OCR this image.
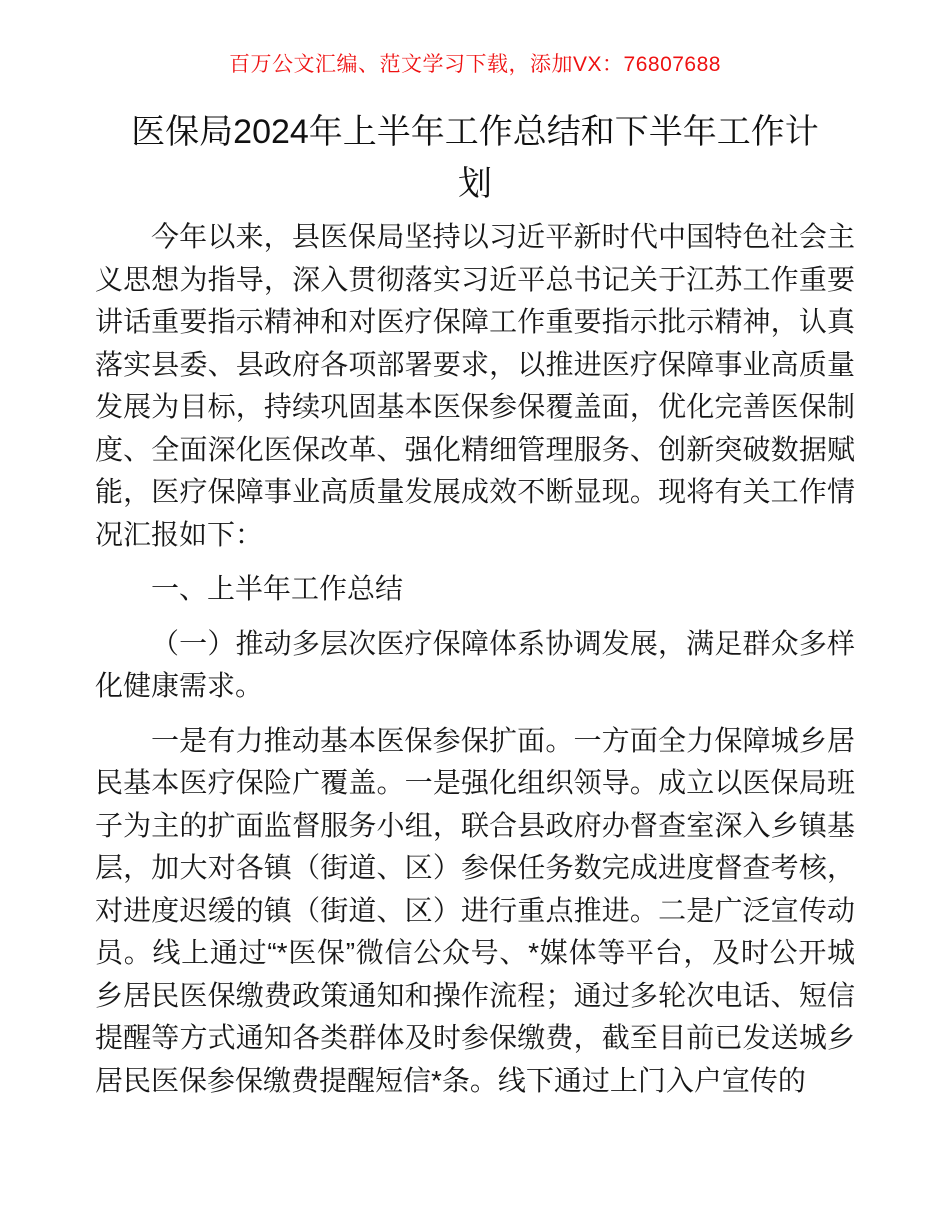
百万公文汇编、范文学习下载，添加VX：76807688
医保局2024年上半年工作总结和下半年工作计
划

今年以来，县医保局坚持以习近平新时代中国特色社会主义思想为指导，深入贯彻落实习近平总书记关于江苏工作重要讲话重要指示精神和对医疗保障工作重要指示批示精神，认真落实县委、县政府各项部署要求，以推进医疗保障事业高质量发展为目标，持续巩固基本医保参保覆盖面，优化完善医保制度、全面深化医保改革、强化精细管理服务、创新突破数据赋能，医疗保障事业高质量发展成效不断显现。现将有关工作情况汇报如下：

一、上半年工作总结

（一）推动多层次医疗保障体系协调发展，满足群众多样化健康需求。

一是有力推动基本医保参保扩面。一方面全力保障城乡居民基本医疗保险广覆盖。一是强化组织领导。成立以医保局班子为主的扩面监督服务小组，联合县政府办督查室深入乡镇基层，加大对各镇（街道、区）参保任务数完成进度督查考核，对进度迟缓的镇（街道、区）进行重点推进。二是广泛宣传动员。线上通过“*医保”微信公众号、*媒体等平台，及时公开城乡居民医保缴费政策通知和操作流程；通过多轮次电话、短信提醒等方式通知各类群体及时参保缴费，截至目前已发送城乡居民医保参保缴费提醒短信*条。线下通过上门入户宣传的
